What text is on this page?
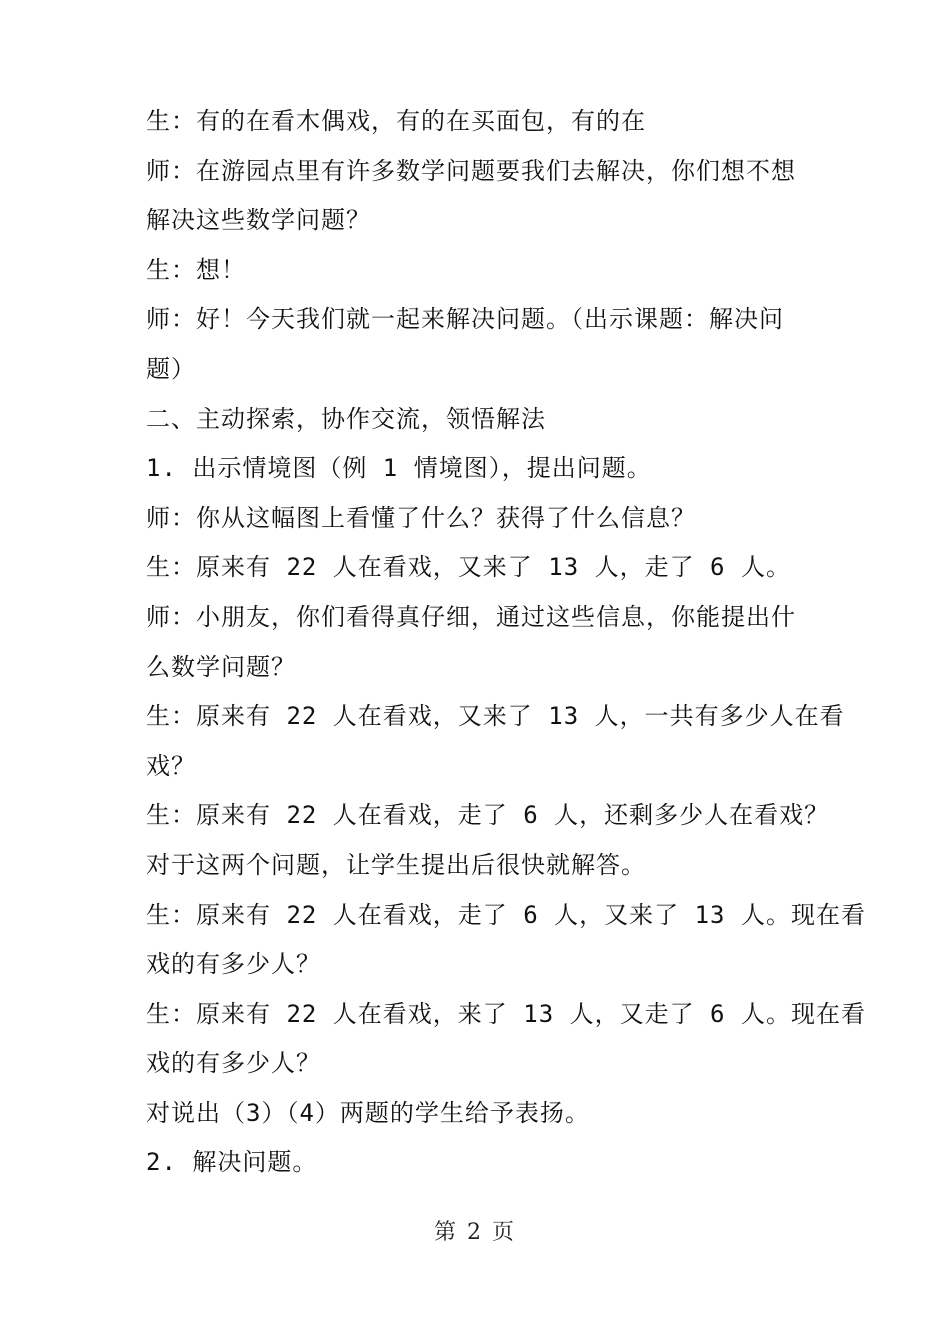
生：有的在看木偶戏，有的在买面包，有的在
师：在游园点里有许多数学问题要我们去解决，你们想不想
解决这些数学问题？
生：想！
师：好！今天我们就一起来解决问题。（出示课题：解决问
题）
二、主动探索，协作交流，领悟解法
1. 出示情境图（例 1 情境图），提出问题。
师：你从这幅图上看懂了什么？获得了什么信息？
生：原来有 22 人在看戏，又来了 13 人，走了 6 人。
师：小朋友，你们看得真仔细，通过这些信息，你能提出什
么数学问题？
生：原来有 22 人在看戏，又来了 13 人，一共有多少人在看
戏？
生：原来有 22 人在看戏，走了 6 人，还剩多少人在看戏？
对于这两个问题，让学生提出后很快就解答。
生：原来有 22 人在看戏，走了 6 人，又来了 13 人。现在看
戏的有多少人？
生：原来有 22 人在看戏，来了 13 人，又走了 6 人。现在看
戏的有多少人？
对说出（3）（4）两题的学生给予表扬。
2. 解决问题。
第 2 页
